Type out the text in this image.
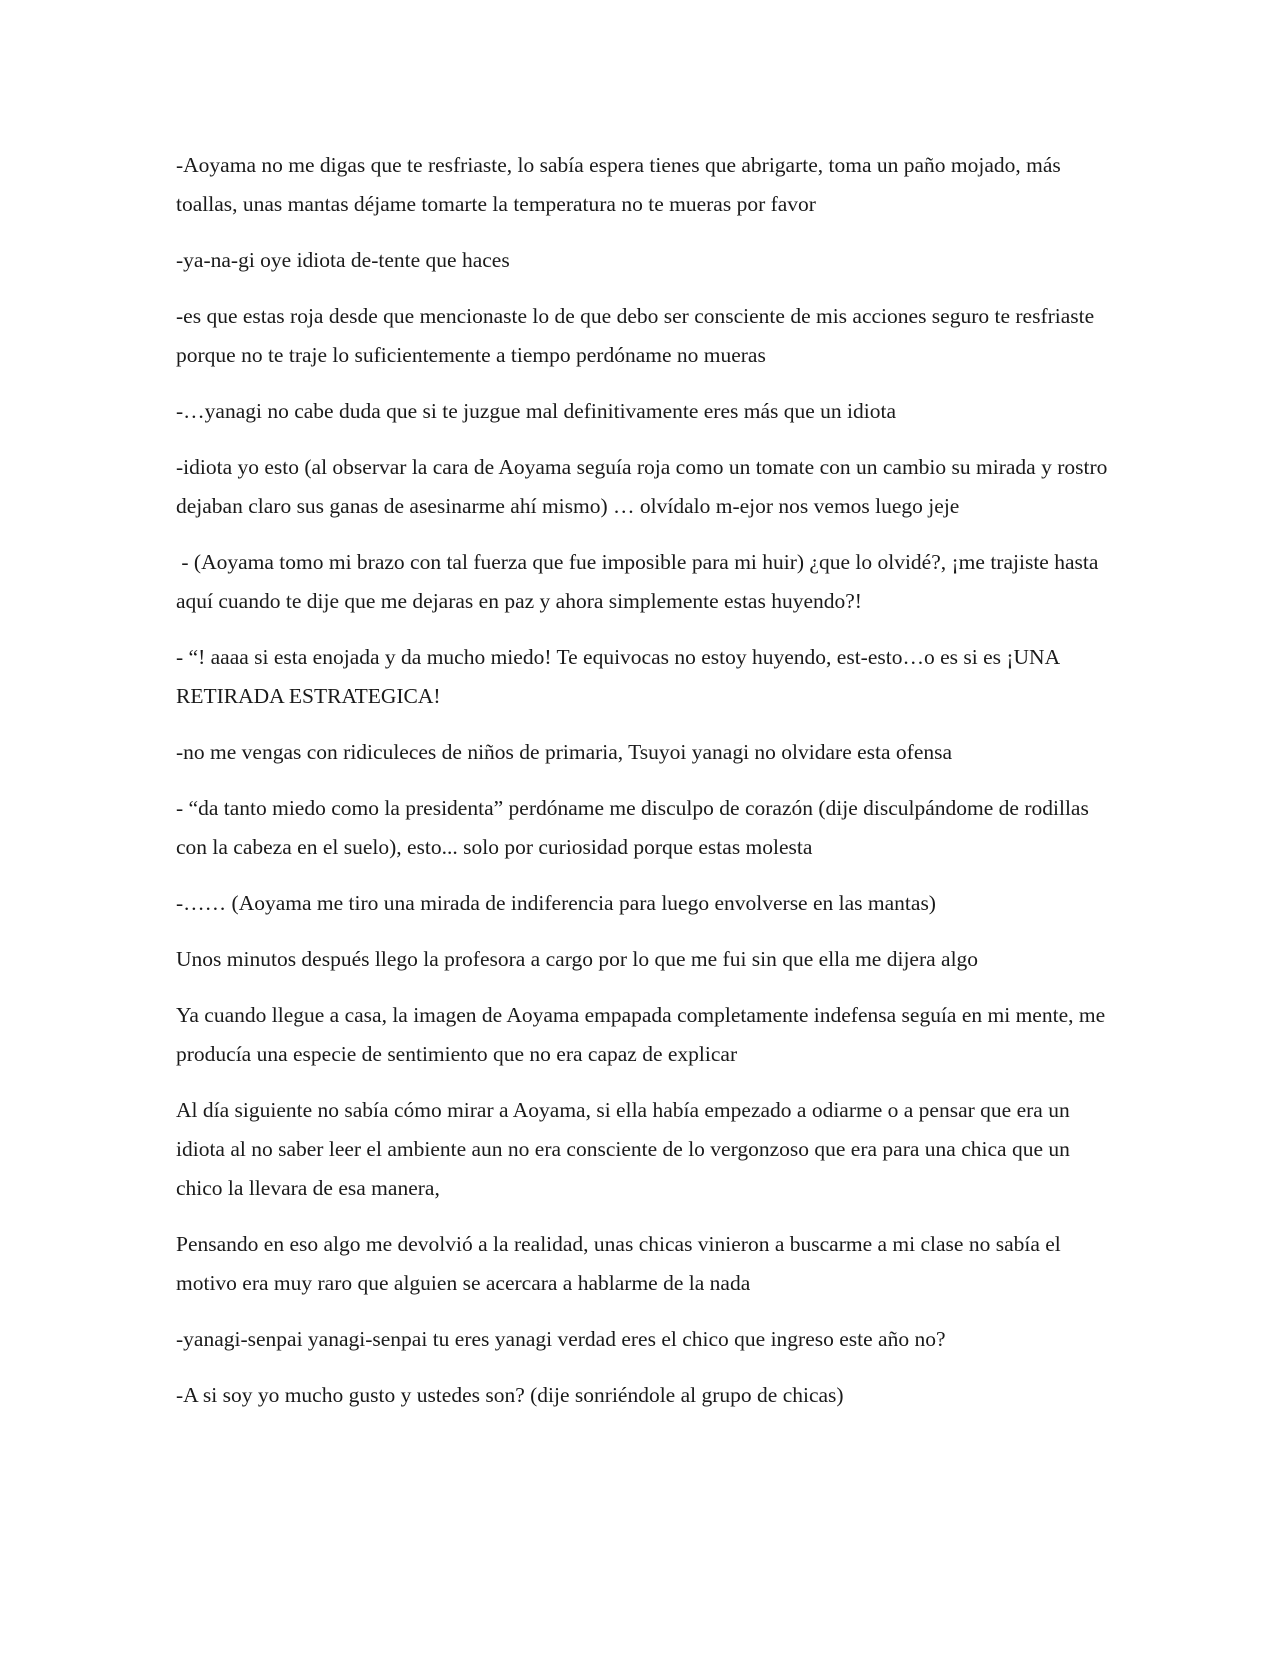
-Aoyama no me digas que te resfriaste, lo sabía espera tienes que abrigarte, toma un paño mojado, más toallas, unas mantas déjame tomarte la temperatura no te mueras por favor

-ya-na-gi oye idiota de-tente que haces

-es que estas roja desde que mencionaste lo de que debo ser consciente de mis acciones seguro te resfriaste porque no te traje lo suficientemente a tiempo perdóname no mueras

-…yanagi no cabe duda que si te juzgue mal definitivamente eres más que un idiota

-idiota yo esto (al observar la cara de Aoyama seguía roja como un tomate con un cambio su mirada y rostro dejaban claro sus ganas de asesinarme ahí mismo) … olvídalo m-ejor nos vemos luego jeje

- (Aoyama tomo mi brazo con tal fuerza que fue imposible para mi huir) ¿que lo olvidé?, ¡me trajiste hasta aquí cuando te dije que me dejaras en paz y ahora simplemente estas huyendo?!

- “! aaaa si esta enojada y da mucho miedo! Te equivocas no estoy huyendo, est-esto…o es si es ¡UNA RETIRADA ESTRATEGICA!

-no me vengas con ridiculeces de niños de primaria, Tsuyoi yanagi no olvidare esta ofensa

- “da tanto miedo como la presidenta” perdóname me disculpo de corazón (dije disculpándome de rodillas con la cabeza en el suelo), esto... solo por curiosidad porque estas molesta

-…… (Aoyama me tiro una mirada de indiferencia para luego envolverse en las mantas)

Unos minutos después llego la profesora a cargo por lo que me fui sin que ella me dijera algo

Ya cuando llegue a casa, la imagen de Aoyama empapada completamente indefensa seguía en mi mente, me producía una especie de sentimiento que no era capaz de explicar

Al día siguiente no sabía cómo mirar a Aoyama, si ella había empezado a odiarme o a pensar que era un idiota al no saber leer el ambiente aun no era consciente de lo vergonzoso que era para una chica que un chico la llevara de esa manera,

Pensando en eso algo me devolvió a la realidad, unas chicas vinieron a buscarme a mi clase no sabía el motivo era muy raro que alguien se acercara a hablarme de la nada

-yanagi-senpai yanagi-senpai tu eres yanagi verdad eres el chico que ingreso este año no?

-A si soy yo mucho gusto y ustedes son? (dije sonriéndole al grupo de chicas)
